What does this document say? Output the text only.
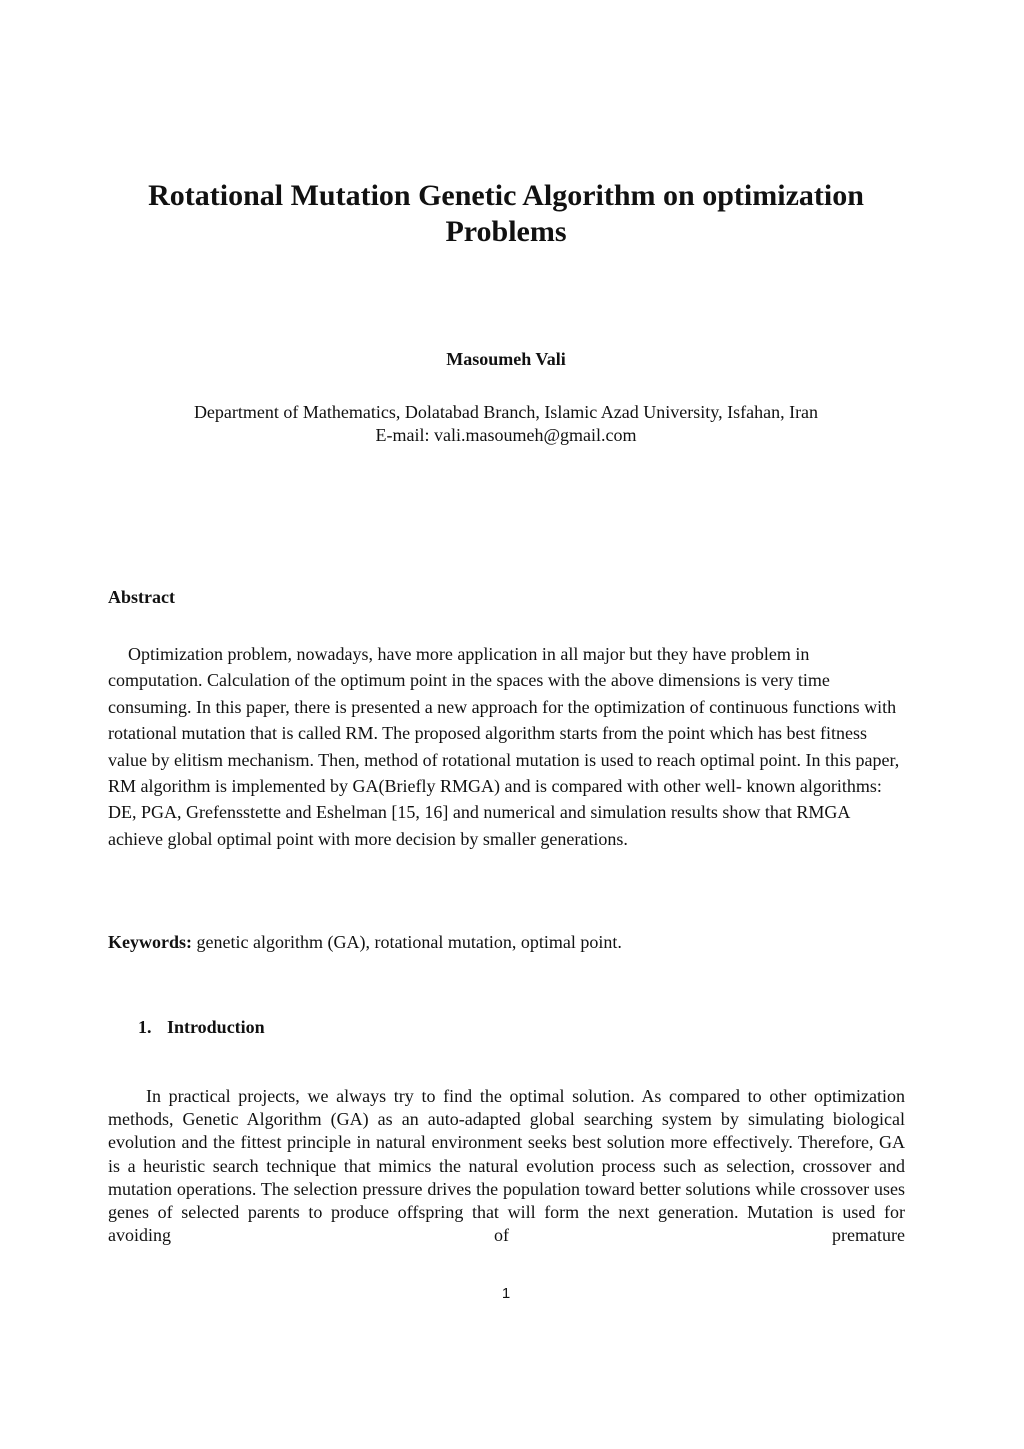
Rotational Mutation Genetic Algorithm on optimization Problems

Masoumeh Vali

Department of Mathematics, Dolatabad Branch, Islamic Azad University, Isfahan, Iran
E-mail: vali.masoumeh@gmail.com
Abstract

Optimization problem, nowadays, have more application in all major but they have problem in computation. Calculation of the optimum point in the spaces with the above dimensions is very time consuming. In this paper, there is presented a new approach for the optimization of continuous functions with rotational mutation that is called RM. The proposed algorithm starts from the point which has best fitness value by elitism mechanism. Then, method of rotational mutation is used to reach optimal point. In this paper, RM algorithm is implemented by GA(Briefly RMGA) and is compared with other well- known algorithms: DE, PGA, Grefensstette and Eshelman [15, 16] and numerical and simulation results show that RMGA achieve global optimal point with more decision by smaller generations.

Keywords: genetic algorithm (GA), rotational mutation, optimal point.

1. Introduction

In practical projects, we always try to find the optimal solution. As compared to other optimization methods, Genetic Algorithm (GA) as an auto-adapted global searching system by simulating biological evolution and the fittest principle in natural environment seeks best solution more effectively. Therefore, GA is a heuristic search technique that mimics the natural evolution process such as selection, crossover and mutation operations. The selection pressure drives the population toward better solutions while crossover uses genes of selected parents to produce offspring that will form the next generation. Mutation is used for avoiding of premature

1
